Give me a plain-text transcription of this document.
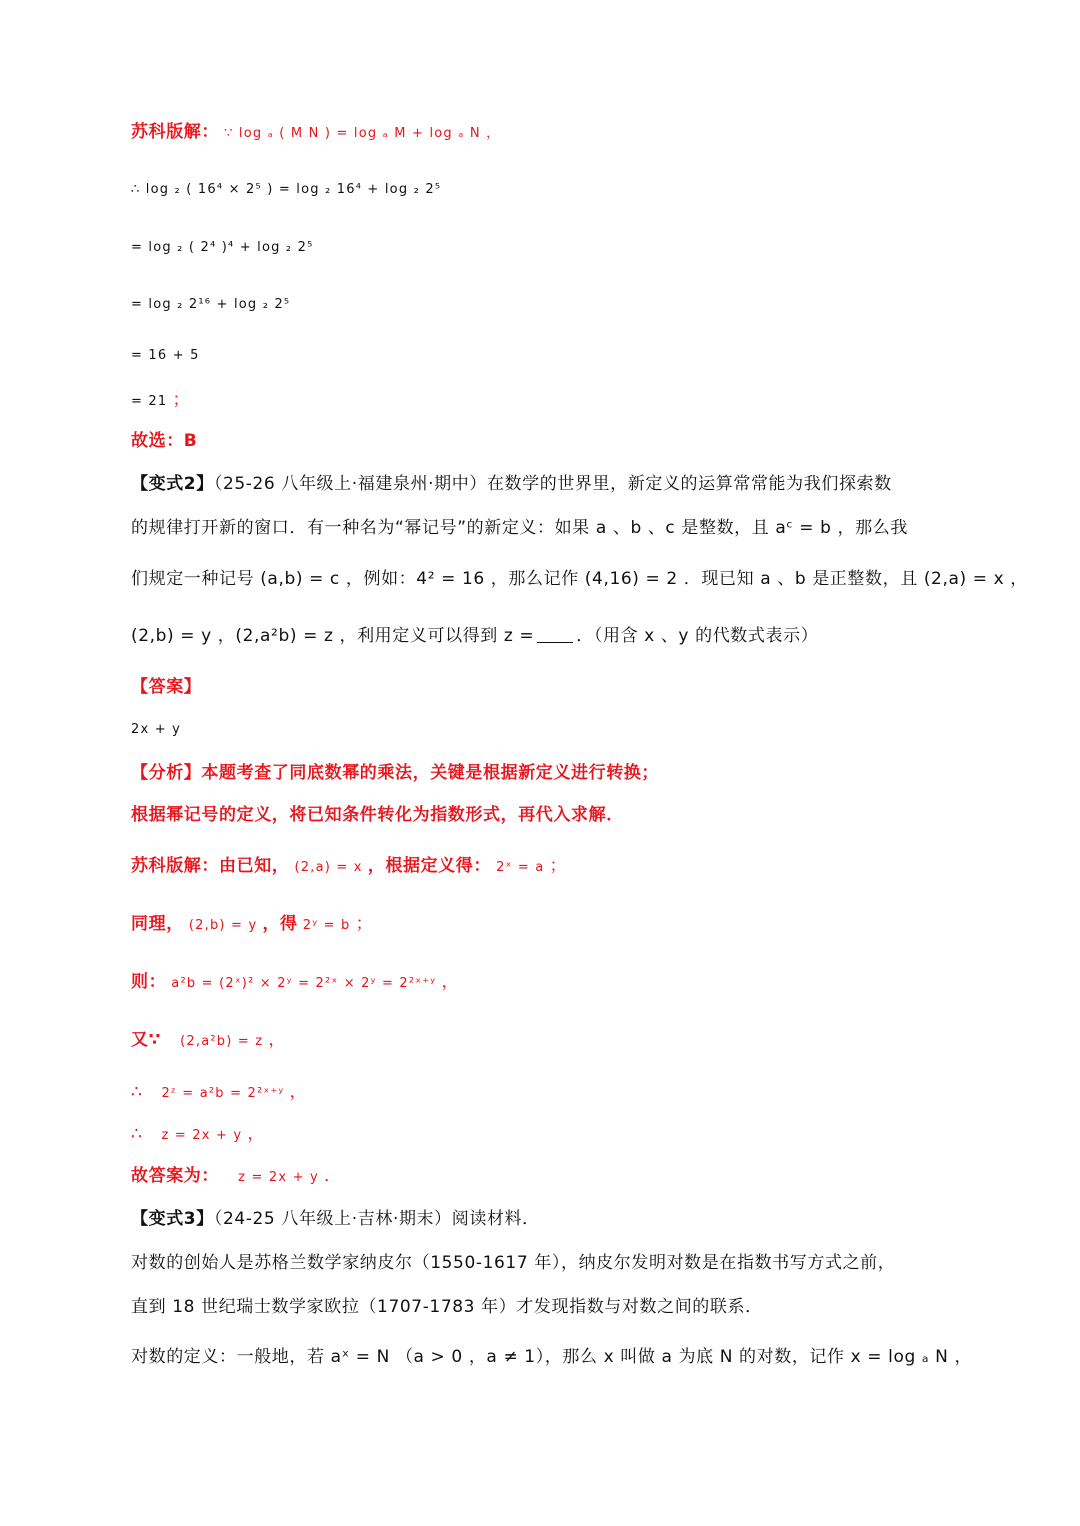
苏科版解： ∵ log ₐ ( M N ) = log ₐ M + log ₐ N ，
∴ log ₂ ( 16⁴ × 2⁵ ) = log ₂ 16⁴ + log ₂ 2⁵
= log ₂ ( 2⁴ )⁴ + log ₂ 2⁵
= log ₂ 2¹⁶ + log ₂ 2⁵
= 16 + 5
= 21 ；
故选：B
【变式2】（25-26 八年级上·福建泉州·期中）在数学的世界里，新定义的运算常常能为我们探索数
的规律打开新的窗口．有一种名为“幂记号”的新定义：如果 a 、b 、c 是整数，且 aᶜ = b ，那么我
们规定一种记号 (a,b) = c ，例如：4² = 16 ，那么记作 (4,16) = 2 ．现已知 a 、b 是正整数，且 (2,a) = x ，
(2,b) = y ，(2,a²b) = z ，利用定义可以得到 z = ．（用含 x 、y 的代数式表示）
【答案】
2x + y
【分析】本题考查了同底数幂的乘法，关键是根据新定义进行转换；
根据幂记号的定义，将已知条件转化为指数形式，再代入求解．
苏科版解：由已知， (2,a) = x ，根据定义得： 2ˣ = a ；
同理， (2,b) = y ，得 2ʸ = b ；
则： a²b = (2ˣ)² × 2ʸ = 2²ˣ × 2ʸ = 2²ˣ⁺ʸ ，
又∵ (2,a²b) = z ，
∴ 2ᶻ = a²b = 2²ˣ⁺ʸ ，
∴ z = 2x + y ，
故答案为： z = 2x + y ．
【变式3】（24-25 八年级上·吉林·期末）阅读材料．
对数的创始人是苏格兰数学家纳皮尔（1550-1617 年），纳皮尔发明对数是在指数书写方式之前，
直到 18 世纪瑞士数学家欧拉（1707-1783 年）才发现指数与对数之间的联系．
对数的定义：一般地，若 aˣ = N （a > 0 ，a ≠ 1），那么 x 叫做 a 为底 N 的对数，记作 x = log ₐ N ，
